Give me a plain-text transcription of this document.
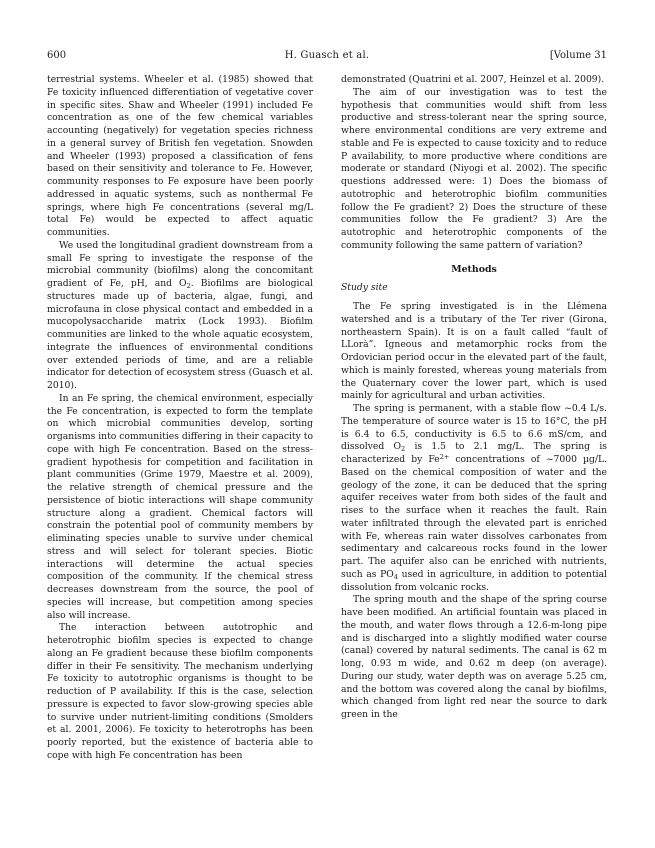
600	H. Guasch et al.	[Volume 31

terrestrial systems. Wheeler et al. (1985) showed that Fe toxicity influenced differentiation of vegetative cover in specific sites. Shaw and Wheeler (1991) included Fe concentration as one of the few chemical variables accounting (negatively) for vegetation species richness in a general survey of British fen vegetation. Snowden and Wheeler (1993) proposed a classification of fens based on their sensitivity and tolerance to Fe. However, community responses to Fe exposure have been poorly addressed in aquatic systems, such as nonthermal Fe springs, where high Fe concentrations (several mg/L total Fe) would be expected to affect aquatic communities.

We used the longitudinal gradient downstream from a small Fe spring to investigate the response of the microbial community (biofilms) along the concomitant gradient of Fe, pH, and $O_2$. Biofilms are biological structures made up of bacteria, algae, fungi, and microfauna in close physical contact and embedded in a mucopolysaccharide matrix (Lock 1993). Biofilm communities are linked to the whole aquatic ecosystem, integrate the influences of environmental conditions over extended periods of time, and are a reliable indicator for detection of ecosystem stress (Guasch et al. 2010).

In an Fe spring, the chemical environment, especially the Fe concentration, is expected to form the template on which microbial communities develop, sorting organisms into communities differing in their capacity to cope with high Fe concentration. Based on the stress-gradient hypothesis for competition and facilitation in plant communities (Grime 1979, Maestre et al. 2009), the relative strength of chemical pressure and the persistence of biotic interactions will shape community structure along a gradient. Chemical factors will constrain the potential pool of community members by eliminating species unable to survive under chemical stress and will select for tolerant species. Biotic interactions will determine the actual species composition of the community. If the chemical stress decreases downstream from the source, the pool of species will increase, but competition among species also will increase.

The interaction between autotrophic and heterotrophic biofilm species is expected to change along an Fe gradient because these biofilm components differ in their Fe sensitivity. The mechanism underlying Fe toxicity to autotrophic organisms is thought to be reduction of P availability. If this is the case, selection pressure is expected to favor slow-growing species able to survive under nutrient-limiting conditions (Smolders et al. 2001, 2006). Fe toxicity to heterotrophs has been poorly reported, but the existence of bacteria able to cope with high Fe concentration has been

demonstrated (Quatrini et al. 2007, Heinzel et al. 2009).

The aim of our investigation was to test the hypothesis that communities would shift from less productive and stress-tolerant near the spring source, where environmental conditions are very extreme and stable and Fe is expected to cause toxicity and to reduce P availability, to more productive where conditions are moderate or standard (Niyogi et al. 2002). The specific questions addressed were: 1) Does the biomass of autotrophic and heterotrophic biofilm communities follow the Fe gradient? 2) Does the structure of these communities follow the Fe gradient? 3) Are the autotrophic and heterotrophic components of the community following the same pattern of variation?

Methods
Study site

The Fe spring investigated is in the Llémena watershed and is a tributary of the Ter river (Girona, northeastern Spain). It is on a fault called “fault of LLorà”. Igneous and metamorphic rocks from the Ordovician period occur in the elevated part of the fault, which is mainly forested, whereas young materials from the Quaternary cover the lower part, which is used mainly for agricultural and urban activities.

The spring is permanent, with a stable flow ~0.4 L/s. The temperature of source water is 15 to 16°C, the pH is 6.4 to 6.5, conductivity is 6.5 to 6.6 mS/cm, and dissolved $O_2$ is 1.5 to 2.1 mg/L. The spring is characterized by $Fe^{2+}$ concentrations of ~7000 µg/L. Based on the chemical composition of water and the geology of the zone, it can be deduced that the spring aquifer receives water from both sides of the fault and rises to the surface when it reaches the fault. Rain water infiltrated through the elevated part is enriched with Fe, whereas rain water dissolves carbonates from sedimentary and calcareous rocks found in the lower part. The aquifer also can be enriched with nutrients, such as $PO_4$ used in agriculture, in addition to potential dissolution from volcanic rocks.

The spring mouth and the shape of the spring course have been modified. An artificial fountain was placed in the mouth, and water flows through a 12.6-m-long pipe and is discharged into a slightly modified water course (canal) covered by natural sediments. The canal is 62 m long, 0.93 m wide, and 0.62 m deep (on average). During our study, water depth was on average 5.25 cm, and the bottom was covered along the canal by biofilms, which changed from light red near the source to dark green in the
